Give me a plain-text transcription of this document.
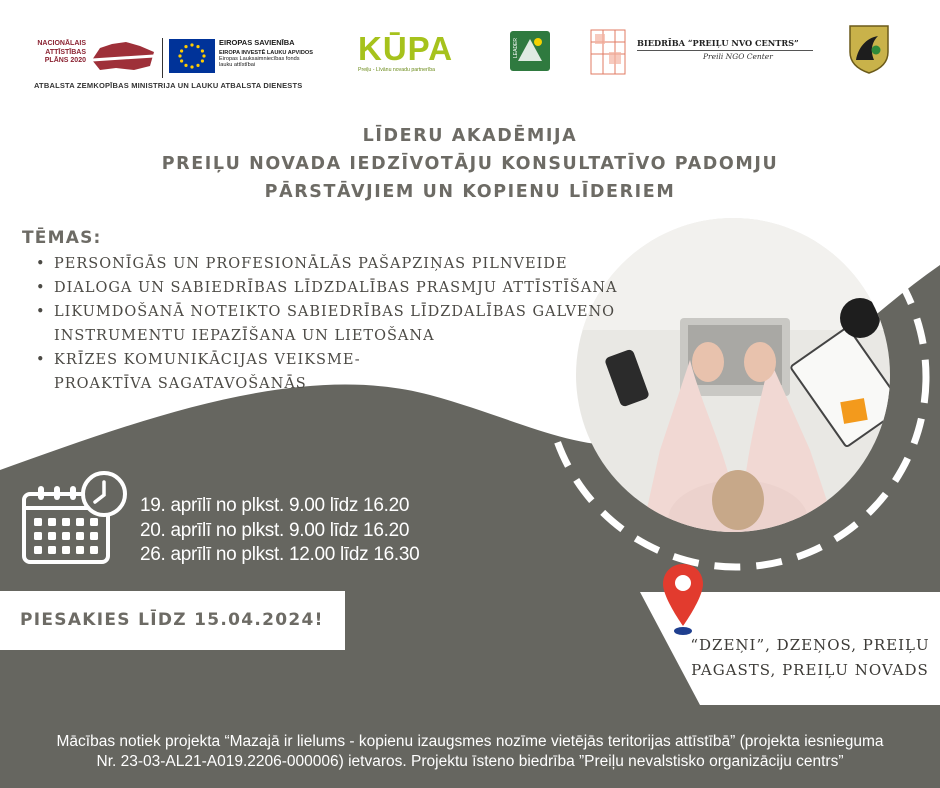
NACIONĀLAIS
ATTĪSTĪBAS
PLĀNS 2020
EIROPAS SAVIENĪBA
EIROPA INVESTĒ LAUKU APVIDOS
Eiropas Lauksaimniecības fonds
lauku attīstībai
ATBALSTA ZEMKOPĪBAS MINISTRIJA UN LAUKU ATBALSTA DIENESTS
KŪPA
Preiļu - Līvānu novadu partnerība
LEADER	BIEDRĪBA “PREIĻU NVO CENTRS”
Preili NGO Center
LĪDERU AKADĒMIJA
PREIĻU NOVADA IEDZĪVOTĀJU KONSULTATĪVO PADOMJU
PĀRSTĀVJIEM UN KOPIENU LĪDERIEM
TĒMAS:
• PERSONĪGĀS UN PROFESIONĀLĀS PAŠAPZIŅAS PILNVEIDE
• DIALOGA UN SABIEDRĪBAS LĪDZDALĪBAS PRASMJU ATTĪSTĪŠANA
• LIKUMDOŠANĀ NOTEIKTO SABIEDRĪBAS LĪDZDALĪBAS GALVENO
INSTRUMENTU IEPAZĪŠANA UN LIETOŠANA
• KRĪZES KOMUNIKĀCIJAS VEIKSME-
PROAKTĪVA SAGATAVOŠANĀS
19. aprīlī no plkst. 9.00 līdz 16.20
20. aprīlī no plkst. 9.00 līdz 16.20
26. aprīlī no plkst. 12.00 līdz 16.30
PIESAKIES LĪDZ 15.04.2024!
“DZEŅI”, DZEŅOS, PREIĻU
PAGASTS, PREIĻU NOVADS
Mācības notiek projekta “Mazajā ir lielums - kopienu izaugsmes nozīme vietējās teritorijas attīstībā” (projekta iesnieguma
Nr. 23-03-AL21-A019.2206-000006) ietvaros. Projektu īsteno biedrība ”Preiļu nevalstisko organizāciju centrs”
